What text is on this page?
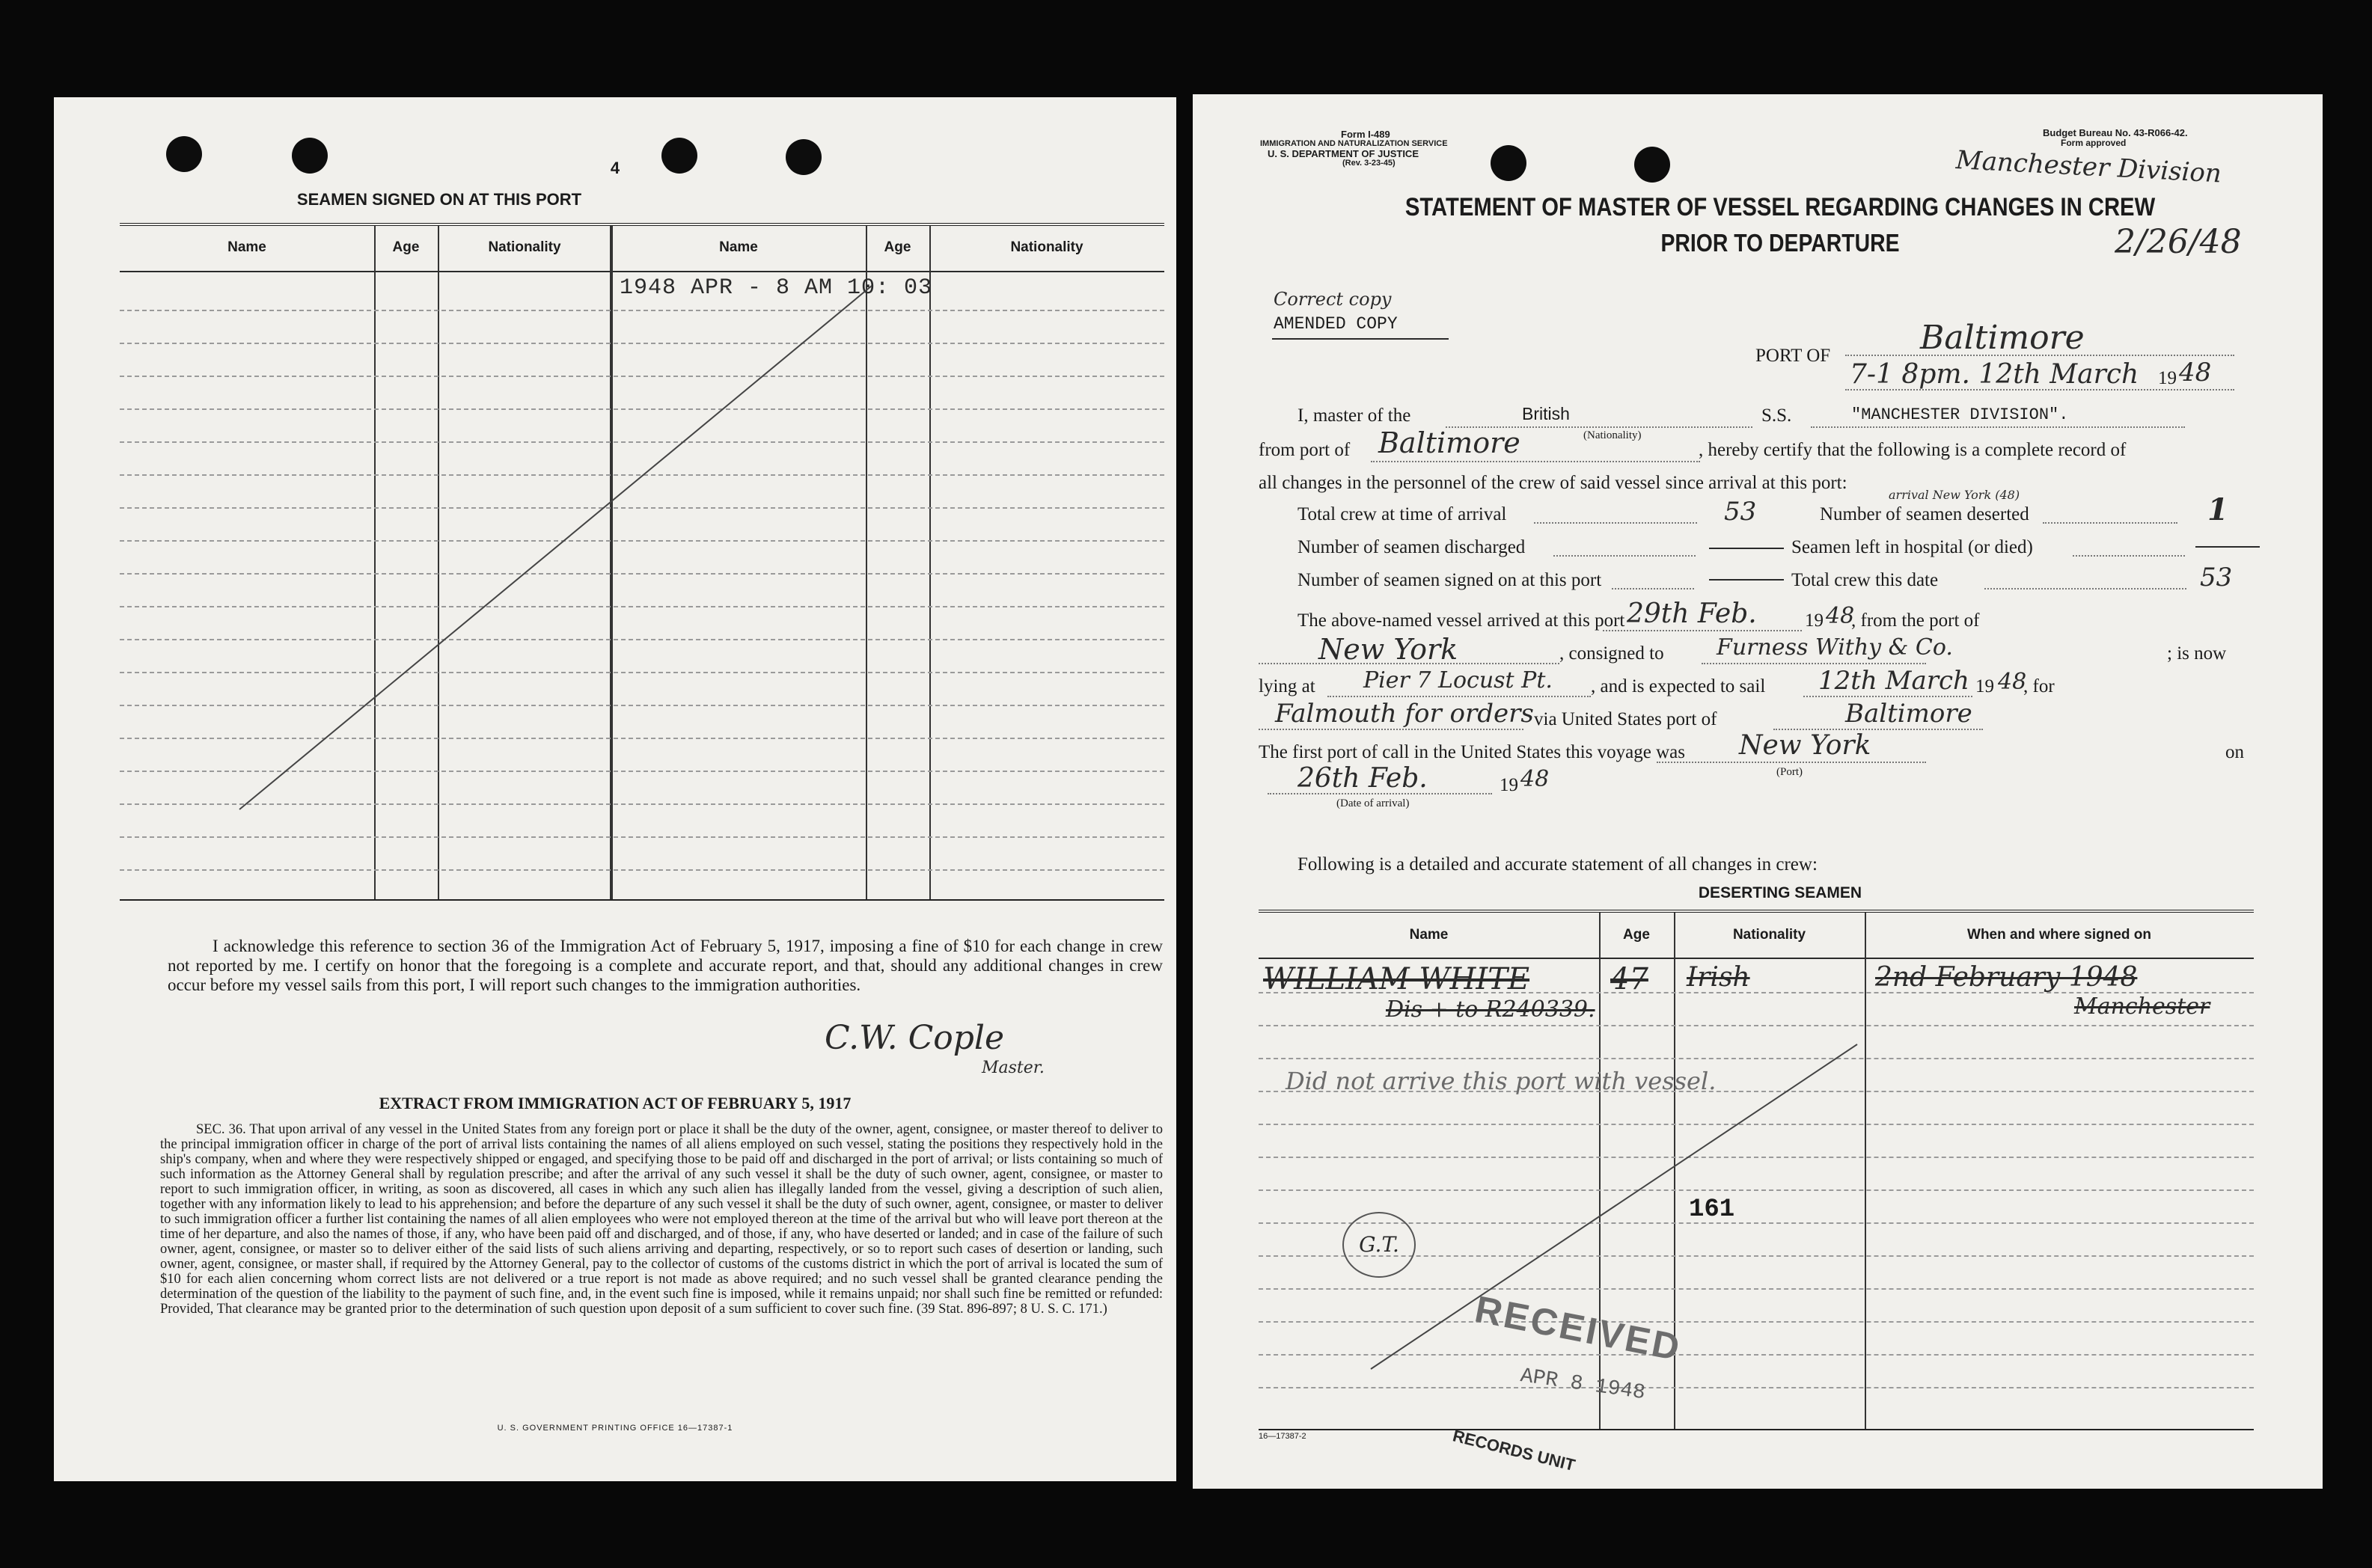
4
SEAMEN SIGNED ON AT THIS PORT
Name	Age	Nationality	Name	Age	Nationality
1948 APR - 8 AM 10: 03
I acknowledge this reference to section 36 of the Immigration Act of February 5, 1917, imposing a fine of $10 for each change in crew not reported by me. I certify on honor that the foregoing is a complete and accurate report, and that, should any additional changes in crew occur before my vessel sails from this port, I will report such changes to the immigration authorities.
C.W. Cople
Master.
EXTRACT FROM IMMIGRATION ACT OF FEBRUARY 5, 1917
SEC. 36. That upon arrival of any vessel in the United States from any foreign port or place it shall be the duty of the owner, agent, consignee, or master thereof to deliver to the principal immigration officer in charge of the port of arrival lists containing the names of all aliens employed on such vessel, stating the positions they respectively hold in the ship's company, when and where they were respectively shipped or engaged, and specifying those to be paid off and discharged in the port of arrival; or lists containing so much of such information as the Attorney General shall by regulation prescribe; and after the arrival of any such vessel it shall be the duty of such owner, agent, consignee, or master to report to such immigration officer, in writing, as soon as discovered, all cases in which any such alien has illegally landed from the vessel, giving a description of such alien, together with any information likely to lead to his apprehension; and before the departure of any such vessel it shall be the duty of such owner, agent, consignee, or master to deliver to such immigration officer a further list containing the names of all alien employees who were not employed thereon at the time of the arrival but who will leave port thereon at the time of her departure, and also the names of those, if any, who have been paid off and discharged, and of those, if any, who have deserted or landed; and in case of the failure of such owner, agent, consignee, or master so to deliver either of the said lists of such aliens arriving and departing, respectively, or so to report such cases of desertion or landing, such owner, agent, consignee, or master shall, if required by the Attorney General, pay to the collector of customs of the customs district in which the port of arrival is located the sum of $10 for each alien concerning whom correct lists are not delivered or a true report is not made as above required; and no such vessel shall be granted clearance pending the determination of the question of the liability to the payment of such fine, and, in the event such fine is imposed, while it remains unpaid; nor shall such fine be remitted or refunded: Provided, That clearance may be granted prior to the determination of such question upon deposit of a sum sufficient to cover such fine. (39 Stat. 896-897; 8 U. S. C. 171.)
U. S. GOVERNMENT PRINTING OFFICE 16—17387-1
Form I-489
IMMIGRATION AND NATURALIZATION SERVICE
U. S. DEPARTMENT OF JUSTICE
(Rev. 3-23-45)
Budget Bureau No. 43-R066-42.
Form approved
Manchester Division
2/26/48
STATEMENT OF MASTER OF VESSEL REGARDING CHANGES IN CREW
PRIOR TO DEPARTURE
Correct copy
AMENDED COPY
PORT OF	Baltimore
7-1 8pm. 12th March 19 48
I, master of the	British	S.S.	"MANCHESTER DIVISION".
(Nationality)
from port of Baltimore	, hereby certify that the following is a complete record of
all changes in the personnel of the crew of said vessel since arrival at this port:
arrival New York (48)
Total crew at time of arrival	53	Number of seamen deserted	1
Number of seamen discharged	Seamen left in hospital (or died)
Number of seamen signed on at this port	Total crew this date	53
The above-named vessel arrived at this port 29th Feb.	19 48
, from the port of
New York	, consigned to Furness Withy & Co.	; is now
lying at Pier 7 Locust Pt. , and is expected to sail 12th March 19 48
, for
Falmouth for orders via United States port of	Baltimore
The first port of call in the United States this voyage was New York
(Port)
on
26th Feb.	19 48
(Date of arrival)
Following is a detailed and accurate statement of all changes in crew:
DESERTING SEAMEN
Name	Age	Nationality	When and where signed on
WILLIAM WHITE	47 Irish	2nd February 1948
Manchester
Dis + to R240339.
Did not arrive this port with vessel.
161
G.T.
RECEIVED
APR 8 1948
16—17387-2	RECORDS UNIT
